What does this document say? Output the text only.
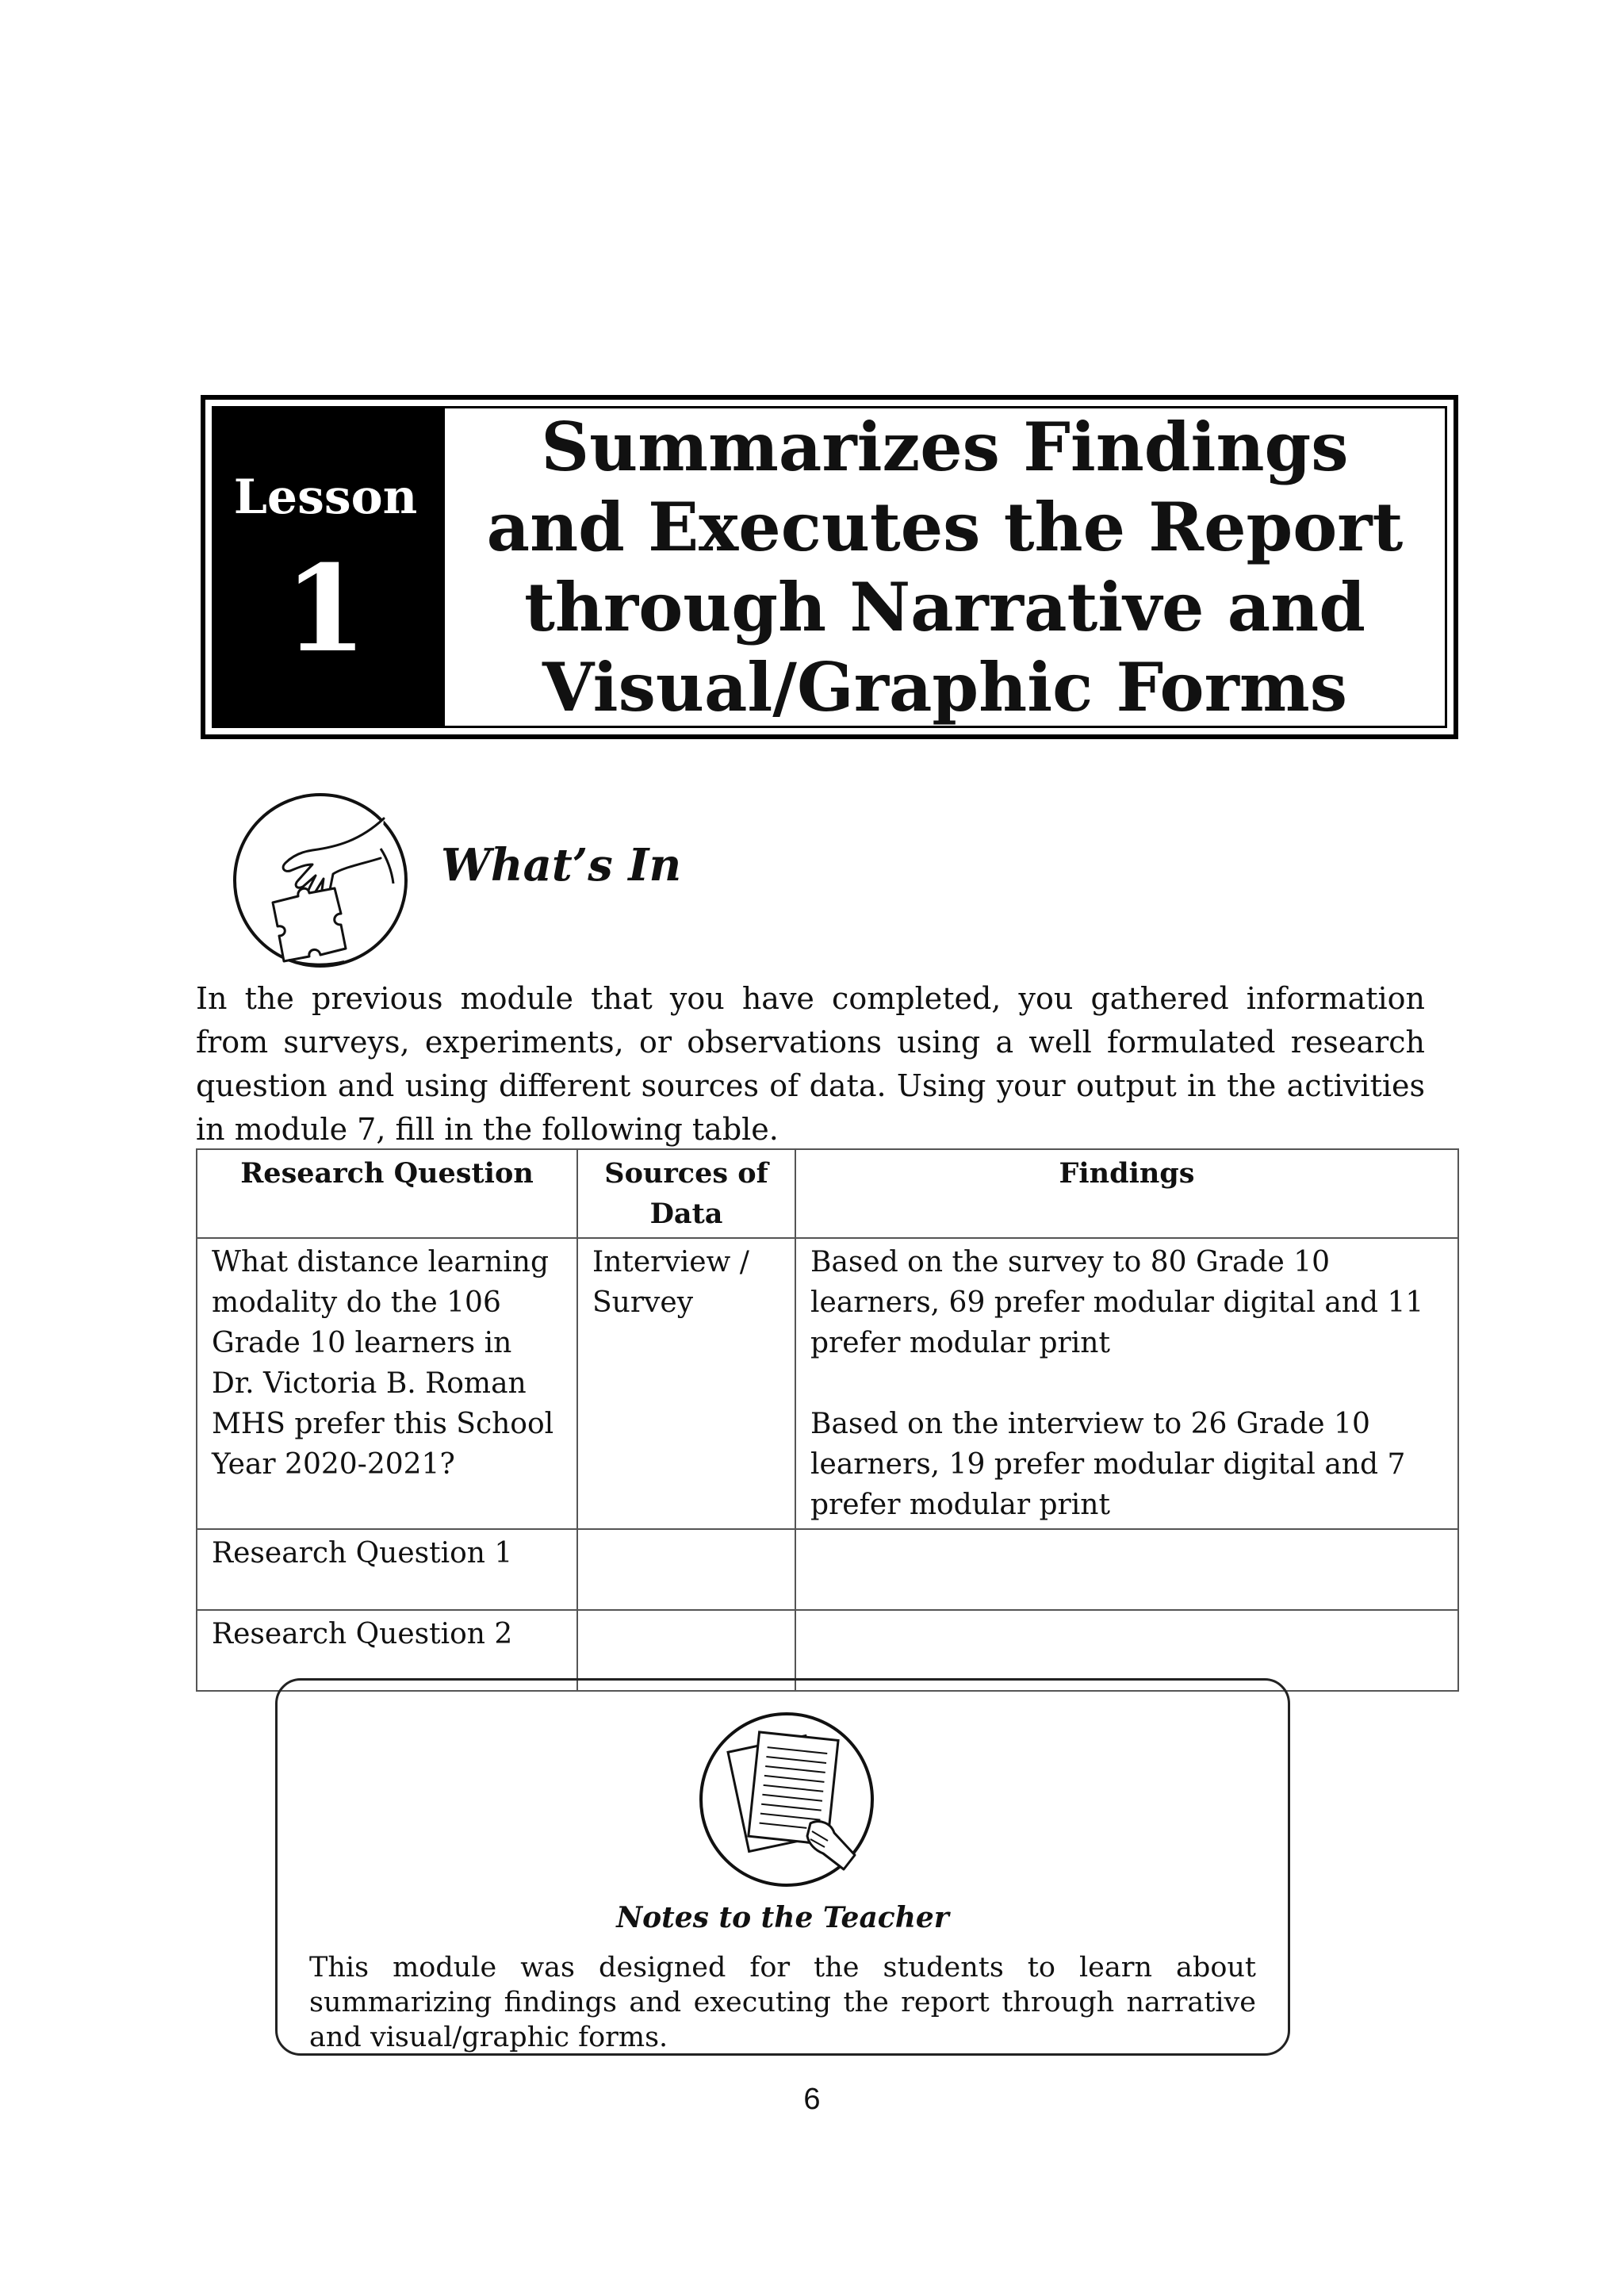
Lesson
1
Summarizes Findings and Executes the Report through Narrative and Visual/Graphic Forms
What’s In

In the previous module that you have completed, you gathered information from surveys, experiments, or observations using a well formulated research question and using different sources of data. Using your output in the activities in module 7, fill in the following table.

Research Question	Sources of Data	Findings
What distance learning modality do the 106 Grade 10 learners in Dr. Victoria B. Roman MHS prefer this School Year 2020-2021?	Interview / Survey	Based on the survey to 80 Grade 10 learners, 69 prefer modular digital and 11 prefer modular print

Based on the interview to 26 Grade 10 learners, 19 prefer modular digital and 7 prefer modular print

Research Question 1		
Research Question 2		
Notes to the Teacher

This module was designed for the students to learn about summarizing findings and executing the report through narrative and visual/graphic forms.

6
